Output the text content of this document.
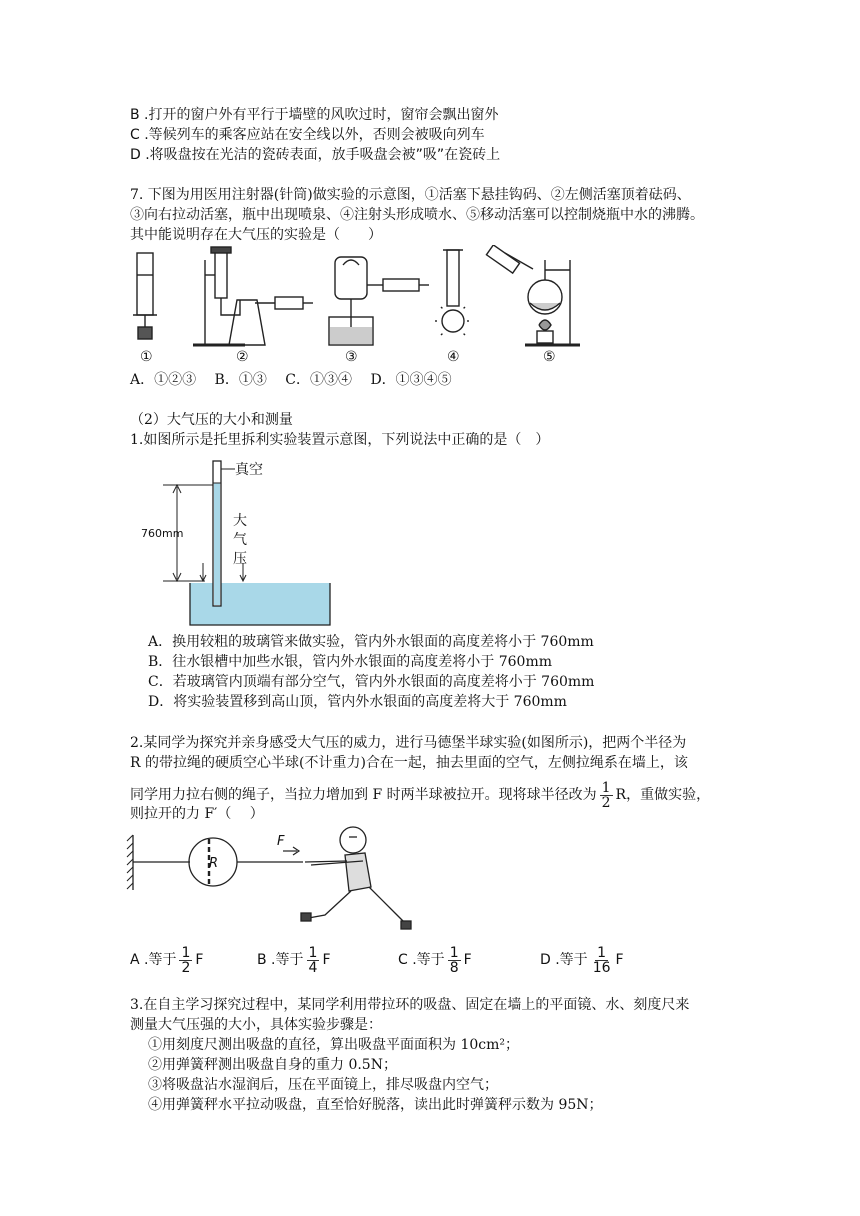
B .打开的窗户外有平行于墙壁的风吹过时，窗帘会飘出窗外
C .等候列车的乘客应站在安全线以外，否则会被吸向列车
D .将吸盘按在光洁的瓷砖表面，放手吸盘会被”吸”在瓷砖上
7. 下图为用医用注射器(针筒)做实验的示意图，①活塞下悬挂钩码、②左侧活塞顶着砝码、
③向右拉动活塞，瓶中出现喷泉、④注射头形成喷水、⑤移动活塞可以控制烧瓶中水的沸腾。
其中能说明存在大气压的实验是（　　）
①	②	③	④	⑤
A．①②③　 B．①③　 C．①③④　 D．①③④⑤
（2）大气压的大小和测量
1.如图所示是托里拆利实验装置示意图，下列说法中正确的是（　）
真空
760mm
大
气
压
A．换用较粗的玻璃管来做实验，管内外水银面的高度差将小于 760mm
B．往水银槽中加些水银，管内外水银面的高度差将小于 760mm
C．若玻璃管内顶端有部分空气，管内外水银面的高度差将小于 760mm
D．将实验装置移到高山顶，管内外水银面的高度差将大于 760mm
2.某同学为探究并亲身感受大气压的威力，进行马德堡半球实验(如图所示)，把两个半径为
R 的带拉绳的硬质空心半球(不计重力)合在一起，抽去里面的空气，左侧拉绳系在墙上，该
同学用力拉右侧的绳子，当拉力增加到 F 时两半球被拉开。现将球半径改为 $\frac{1}{2}$ R，重做实验，
则拉开的力 F′（　 ）
R
F
A .等于 $\frac{1}{2}$ F	B .等于 $\frac{1}{4}$ F	C .等于 $\frac{1}{8}$ F	D .等于 $\frac{1}{16}$ F
3.在自主学习探究过程中，某同学利用带拉环的吸盘、固定在墙上的平面镜、水、刻度尺来
测量大气压强的大小，具体实验步骤是：
①用刻度尺测出吸盘的直径，算出吸盘平面面积为 10cm²；
②用弹簧秤测出吸盘自身的重力 0.5N；
③将吸盘沾水湿润后，压在平面镜上，排尽吸盘内空气；
④用弹簧秤水平拉动吸盘，直至恰好脱落，读出此时弹簧秤示数为 95N；
